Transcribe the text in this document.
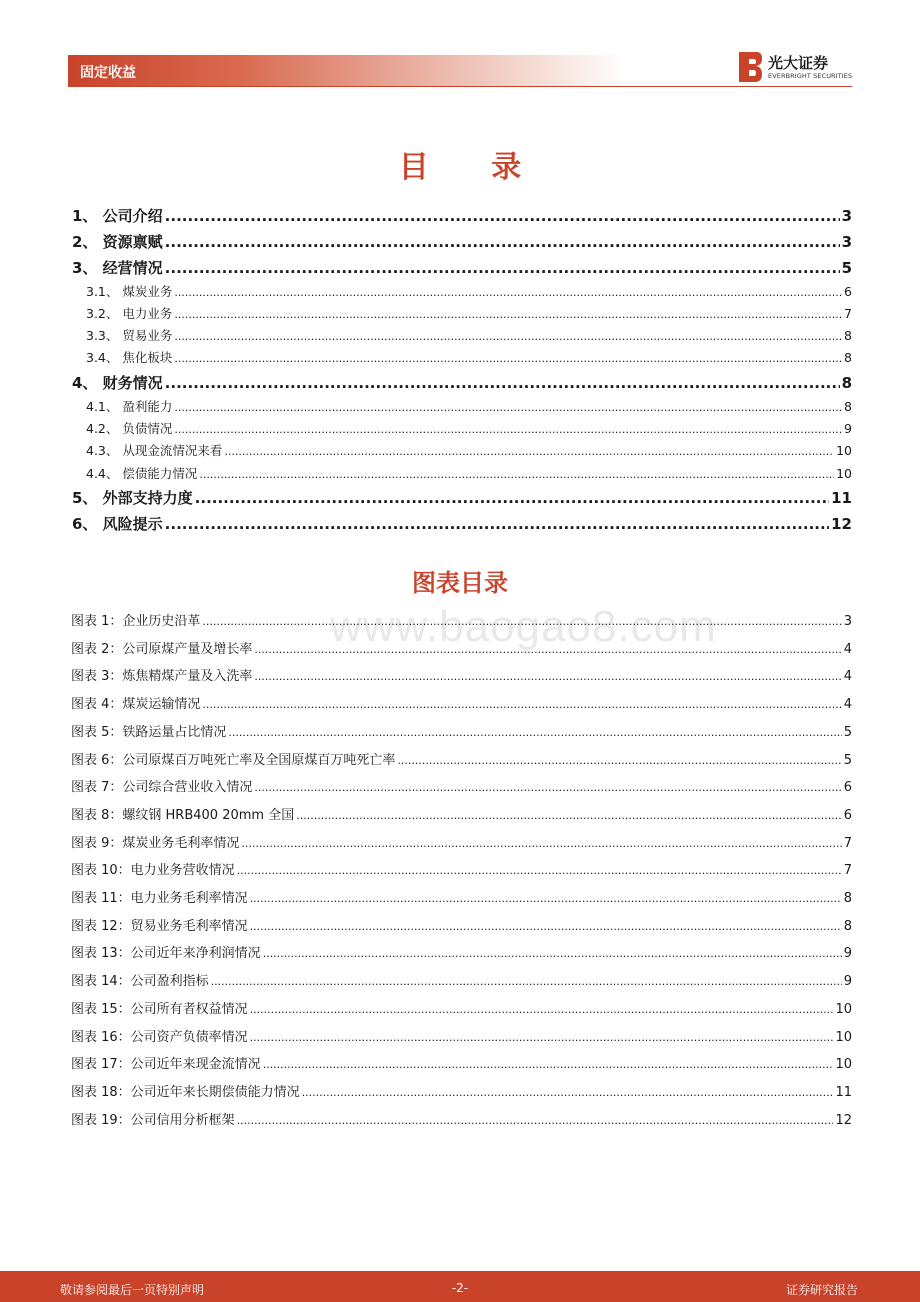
固定收益
光大证券
EVERBRIGHT SECURITIES
目 录
1、 公司介绍 .....	3
2、 资源禀赋 .....	3
3、 经营情况 .....	5
3.1、 煤炭业务 .....	6
3.2、 电力业务 .....	7
3.3、 贸易业务 .....	8
3.4、 焦化板块 .....	8
4、 财务情况 .....	8
4.1、 盈利能力 .....	8
4.2、 负债情况 .....	9
4.3、 从现金流情况来看 .....	10
4.4、 偿债能力情况 .....	10
5、 外部支持力度 .....	11
6、 风险提示 .....	12
图表目录
www.baogao8.com
图表 1：企业历史沿革 .....	3
图表 2：公司原煤产量及增长率 .....	4
图表 3：炼焦精煤产量及入洗率 .....	4
图表 4：煤炭运输情况 .....	4
图表 5：铁路运量占比情况 .....	5
图表 6：公司原煤百万吨死亡率及全国原煤百万吨死亡率 .....	5
图表 7：公司综合营业收入情况 .....	6
图表 8：螺纹钢 HRB400 20mm 全国 .....	6
图表 9：煤炭业务毛利率情况 .....	7
图表 10：电力业务营收情况 .....	7
图表 11：电力业务毛利率情况 .....	8
图表 12：贸易业务毛利率情况 .....	8
图表 13：公司近年来净利润情况 .....	9
图表 14：公司盈利指标 .....	9
图表 15：公司所有者权益情况 .....	10
图表 16：公司资产负债率情况 .....	10
图表 17：公司近年来现金流情况 .....	10
图表 18：公司近年来长期偿债能力情况 .....	11
图表 19：公司信用分析框架 .....	12
敬请参阅最后一页特别声明	-2-	证券研究报告
